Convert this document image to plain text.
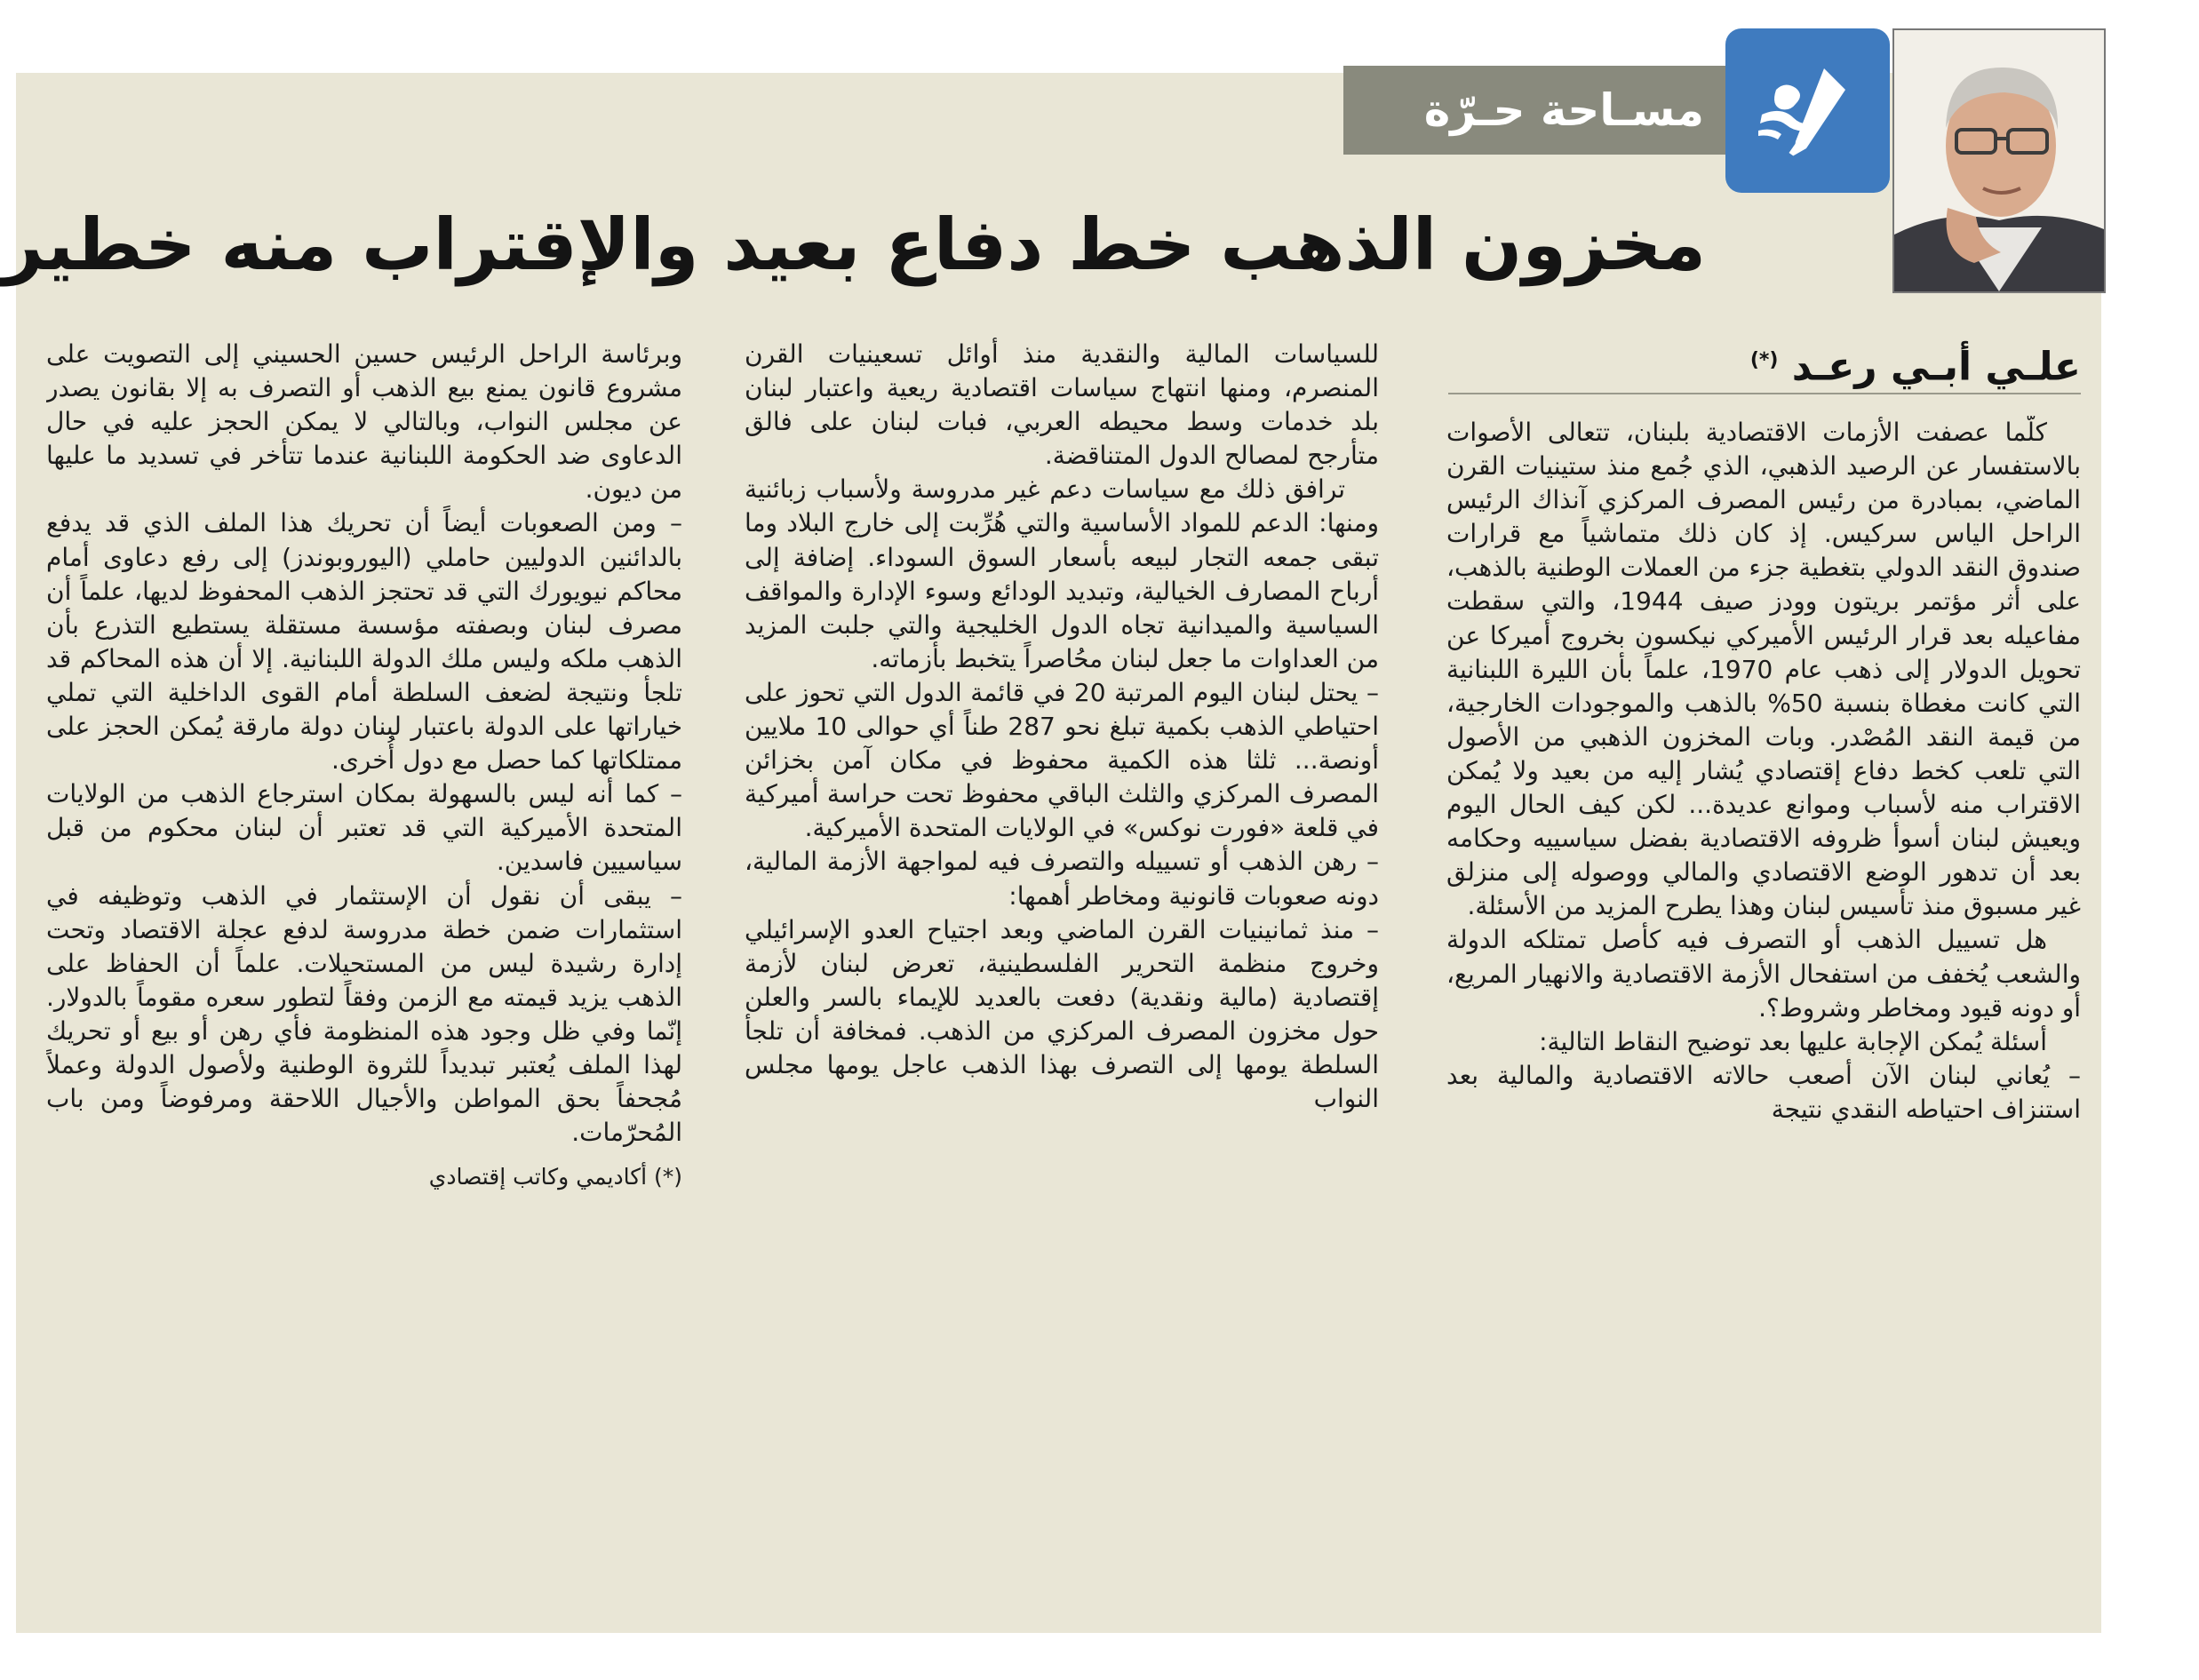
مسـاحة حـرّة
مخزون الذهب خط دفاع بعيد والإقتراب منه خطير
علـي أبـي رعـد (*)

كلّما عصفت الأزمات الاقتصادية بلبنان، تتعالى الأصوات بالاستفسار عن الرصيد الذهبي، الذي جُمع منذ ستينيات القرن الماضي، بمبادرة من رئيس المصرف المركزي آنذاك الرئيس الراحل الياس سركيس. إذ كان ذلك متماشياً مع قرارات صندوق النقد الدولي بتغطية جزء من العملات الوطنية بالذهب، على أثر مؤتمر بريتون وودز صيف 1944، والتي سقطت مفاعيله بعد قرار الرئيس الأميركي نيكسون بخروج أميركا عن تحويل الدولار إلى ذهب عام 1970، علماً بأن الليرة اللبنانية التي كانت مغطاة بنسبة 50% بالذهب والموجودات الخارجية، من قيمة النقد المُصْدر. وبات المخزون الذهبي من الأصول التي تلعب كخط دفاع إقتصادي يُشار إليه من بعيد ولا يُمكن الاقتراب منه لأسباب وموانع عديدة... لكن كيف الحال اليوم ويعيش لبنان أسوأ ظروفه الاقتصادية بفضل سياسييه وحكامه بعد أن تدهور الوضع الاقتصادي والمالي ووصوله إلى منزلق غير مسبوق منذ تأسيس لبنان وهذا يطرح المزيد من الأسئلة.

هل تسييل الذهب أو التصرف فيه كأصل تمتلكه الدولة والشعب يُخفف من استفحال الأزمة الاقتصادية والانهيار المريع، أو دونه قيود ومخاطر وشروط؟.

أسئلة يُمكن الإجابة عليها بعد توضيح النقاط التالية:

– يُعاني لبنان الآن أصعب حالاته الاقتصادية والمالية بعد استنزاف احتياطه النقدي نتيجة

للسياسات المالية والنقدية منذ أوائل تسعينيات القرن المنصرم، ومنها انتهاج سياسات اقتصادية ريعية واعتبار لبنان بلد خدمات وسط محيطه العربي، فبات لبنان على فالق متأرجح لمصالح الدول المتناقضة.

ترافق ذلك مع سياسات دعم غير مدروسة ولأسباب زبائنية ومنها: الدعم للمواد الأساسية والتي هُرِّبت إلى خارج البلاد وما تبقى جمعه التجار لبيعه بأسعار السوق السوداء. إضافة إلى أرباح المصارف الخيالية، وتبديد الودائع وسوء الإدارة والمواقف السياسية والميدانية تجاه الدول الخليجية والتي جلبت المزيد من العداوات ما جعل لبنان محُاصراً يتخبط بأزماته.

– يحتل لبنان اليوم المرتبة 20 في قائمة الدول التي تحوز على احتياطي الذهب بكمية تبلغ نحو 287 طناً أي حوالى 10 ملايين أونصة... ثلثا هذه الكمية محفوظ في مكان آمن بخزائن المصرف المركزي والثلث الباقي محفوظ تحت حراسة أميركية في قلعة «فورت نوكس» في الولايات المتحدة الأميركية.

– رهن الذهب أو تسييله والتصرف فيه لمواجهة الأزمة المالية، دونه صعوبات قانونية ومخاطر أهمها:

– منذ ثمانينيات القرن الماضي وبعد اجتياح العدو الإسرائيلي وخروج منظمة التحرير الفلسطينية، تعرض لبنان لأزمة إقتصادية (مالية ونقدية) دفعت بالعديد للإيماء بالسر والعلن حول مخزون المصرف المركزي من الذهب. فمخافة أن تلجأ السلطة يومها إلى التصرف بهذا الذهب عاجل يومها مجلس النواب

وبرئاسة الراحل الرئيس حسين الحسيني إلى التصويت على مشروع قانون يمنع بيع الذهب أو التصرف به إلا بقانون يصدر عن مجلس النواب، وبالتالي لا يمكن الحجز عليه في حال الدعاوى ضد الحكومة اللبنانية عندما تتأخر في تسديد ما عليها من ديون.

– ومن الصعوبات أيضاً أن تحريك هذا الملف الذي قد يدفع بالدائنين الدوليين حاملي (اليوروبوندز) إلى رفع دعاوى أمام محاكم نيويورك التي قد تحتجز الذهب المحفوظ لديها، علماً أن مصرف لبنان وبصفته مؤسسة مستقلة يستطيع التذرع بأن الذهب ملكه وليس ملك الدولة اللبنانية. إلا أن هذه المحاكم قد تلجأ ونتيجة لضعف السلطة أمام القوى الداخلية التي تملي خياراتها على الدولة باعتبار لبنان دولة مارقة يُمكن الحجز على ممتلكاتها كما حصل مع دول أُخرى.

– كما أنه ليس بالسهولة بمكان استرجاع الذهب من الولايات المتحدة الأميركية التي قد تعتبر أن لبنان محكوم من قبل سياسيين فاسدين.

– يبقى أن نقول أن الإستثمار في الذهب وتوظيفه في استثمارات ضمن خطة مدروسة لدفع عجلة الاقتصاد وتحت إدارة رشيدة ليس من المستحيلات. علماً أن الحفاظ على الذهب يزيد قيمته مع الزمن وفقاً لتطور سعره مقوماً بالدولار. إنّما وفي ظل وجود هذه المنظومة فأي رهن أو بيع أو تحريك لهذا الملف يُعتبر تبديداً للثروة الوطنية ولأصول الدولة وعملاً مُجحفاً بحق المواطن والأجيال اللاحقة ومرفوضاً ومن باب المُحرّمات.

(*) أكاديمي وكاتب إقتصادي
